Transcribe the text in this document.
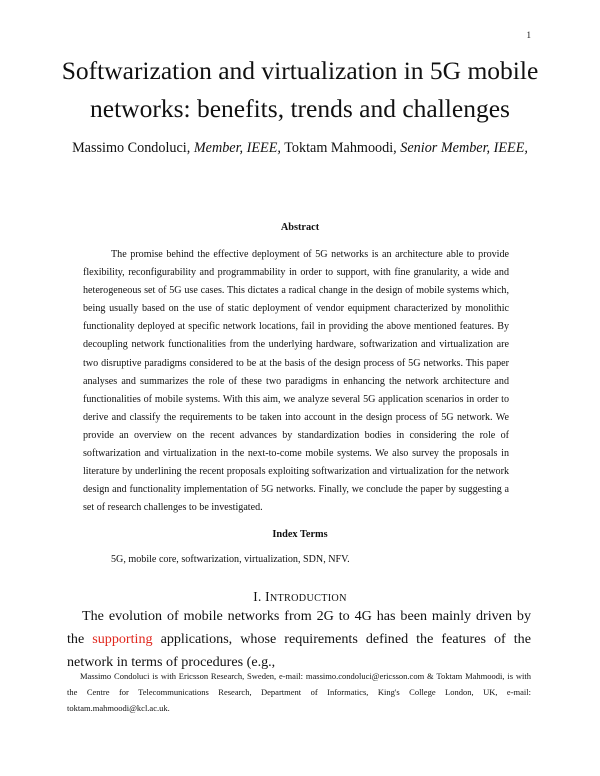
1
Softwarization and virtualization in 5G mobile networks: benefits, trends and challenges
Massimo Condoluci, Member, IEEE, Toktam Mahmoodi, Senior Member, IEEE,
Abstract

The promise behind the effective deployment of 5G networks is an architecture able to provide flexibility, reconfigurability and programmability in order to support, with fine granularity, a wide and heterogeneous set of 5G use cases. This dictates a radical change in the design of mobile systems which, being usually based on the use of static deployment of vendor equipment characterized by monolithic functionality deployed at specific network locations, fail in providing the above mentioned features. By decoupling network functionalities from the underlying hardware, softwarization and virtualization are two disruptive paradigms considered to be at the basis of the design process of 5G networks. This paper analyses and summarizes the role of these two paradigms in enhancing the network architecture and functionalities of mobile systems. With this aim, we analyze several 5G application scenarios in order to derive and classify the requirements to be taken into account in the design process of 5G network. We provide an overview on the recent advances by standardization bodies in considering the role of softwarization and virtualization in the next-to-come mobile systems. We also survey the proposals in literature by underlining the recent proposals exploiting softwarization and virtualization for the network design and functionality implementation of 5G networks. Finally, we conclude the paper by suggesting a set of research challenges to be investigated.

Index Terms
5G, mobile core, softwarization, virtualization, SDN, NFV.
I. INTRODUCTION

The evolution of mobile networks from 2G to 4G has been mainly driven by the supporting applications, whose requirements defined the features of the network in terms of procedures (e.g.,

Massimo Condoluci is with Ericsson Research, Sweden, e-mail: massimo.condoluci@ericsson.com & Toktam Mahmoodi, is with the Centre for Telecommunications Research, Department of Informatics, King's College London, UK, e-mail: toktam.mahmoodi@kcl.ac.uk.
